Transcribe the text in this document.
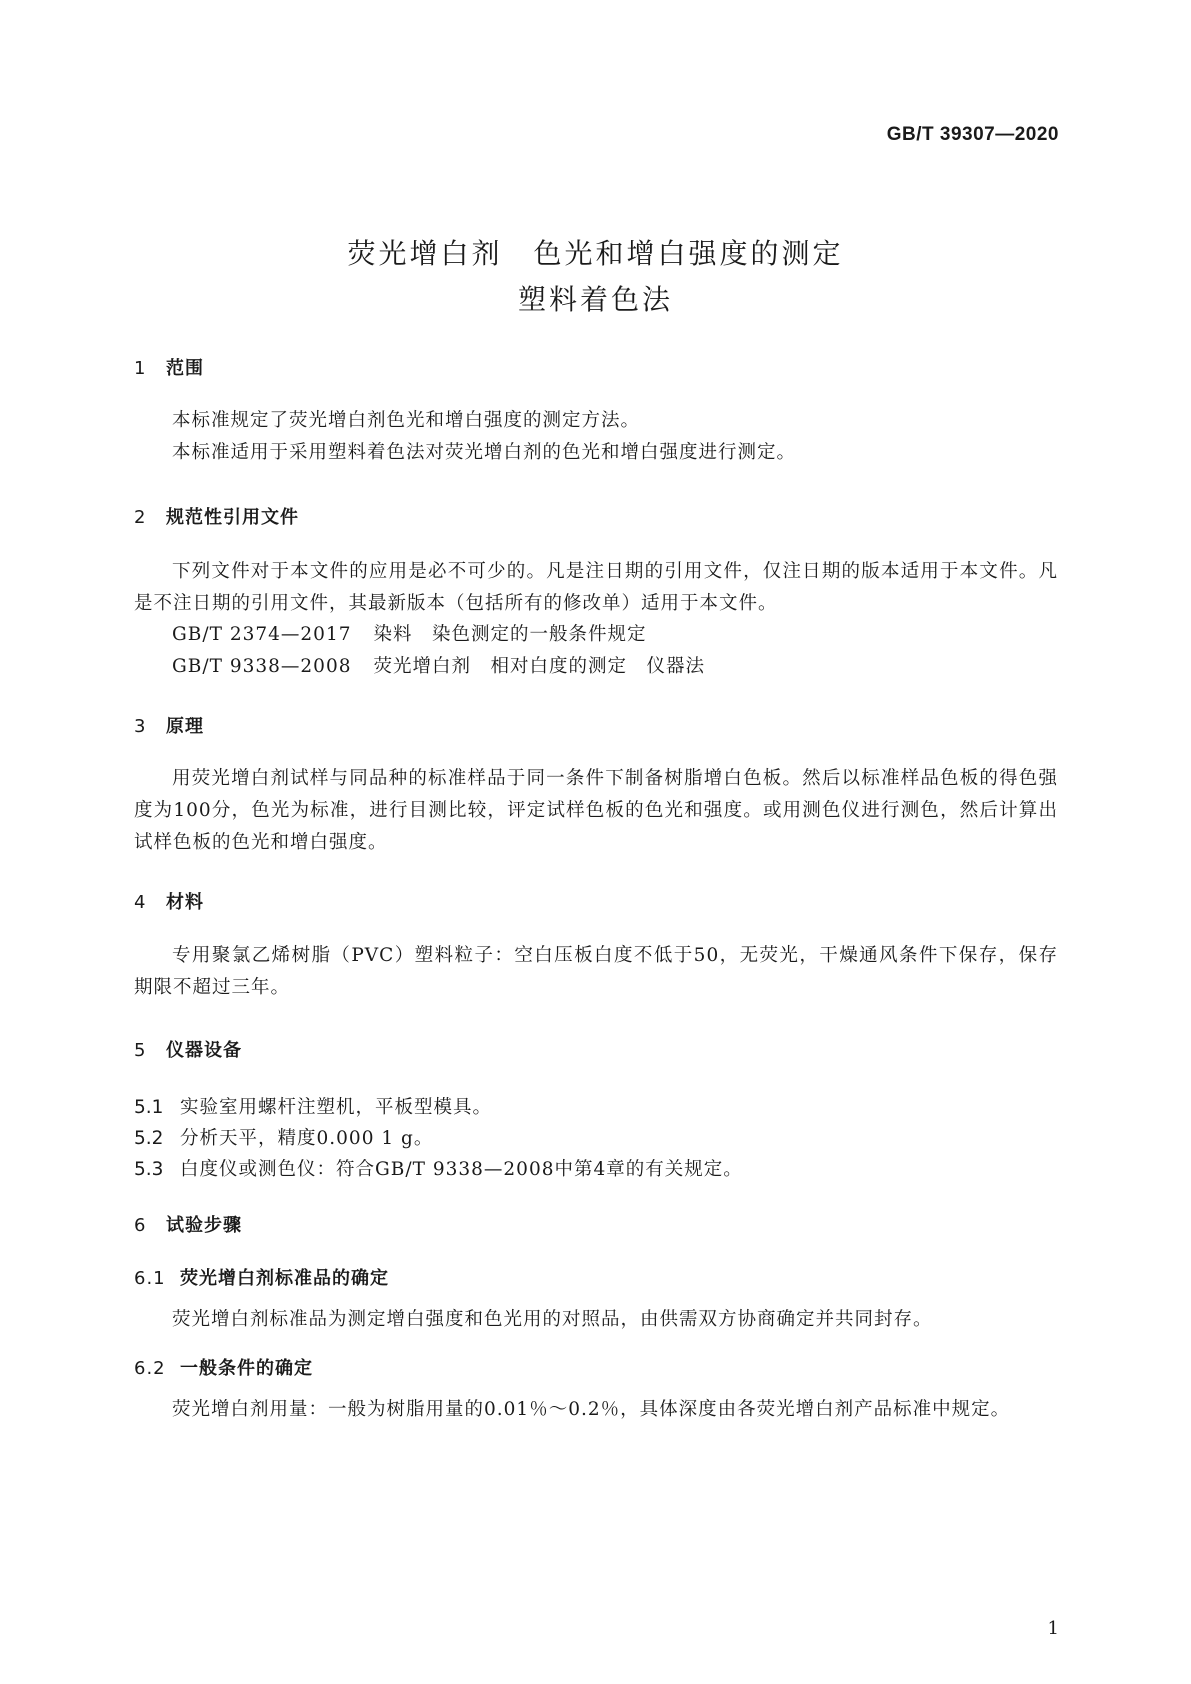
GB/T 39307—2020
荧光增白剂　色光和增白强度的测定
塑料着色法
1 范围
本标准规定了荧光增白剂色光和增白强度的测定方法。
本标准适用于采用塑料着色法对荧光增白剂的色光和增白强度进行测定。
2 规范性引用文件
下列文件对于本文件的应用是必不可少的。凡是注日期的引用文件，仅注日期的版本适用于本文件。凡是不注日期的引用文件，其最新版本（包括所有的修改单）适用于本文件。
GB/T 2374—2017 染料　染色测定的一般条件规定
GB/T 9338—2008 荧光增白剂　相对白度的测定　仪器法
3 原理
用荧光增白剂试样与同品种的标准样品于同一条件下制备树脂增白色板。然后以标准样品色板的得色强度为100分，色光为标准，进行目测比较，评定试样色板的色光和强度。或用测色仪进行测色，然后计算出试样色板的色光和增白强度。
4 材料
专用聚氯乙烯树脂（PVC）塑料粒子：空白压板白度不低于50，无荧光，干燥通风条件下保存，保存期限不超过三年。
5 仪器设备
5.1 实验室用螺杆注塑机，平板型模具。
5.2 分析天平，精度0.000 1 g。
5.3 白度仪或测色仪：符合GB/T 9338—2008中第4章的有关规定。
6 试验步骤
6.1 荧光增白剂标准品的确定
荧光增白剂标准品为测定增白强度和色光用的对照品，由供需双方协商确定并共同封存。
6.2 一般条件的确定
荧光增白剂用量：一般为树脂用量的0.01％～0.2％，具体深度由各荧光增白剂产品标准中规定。
1
